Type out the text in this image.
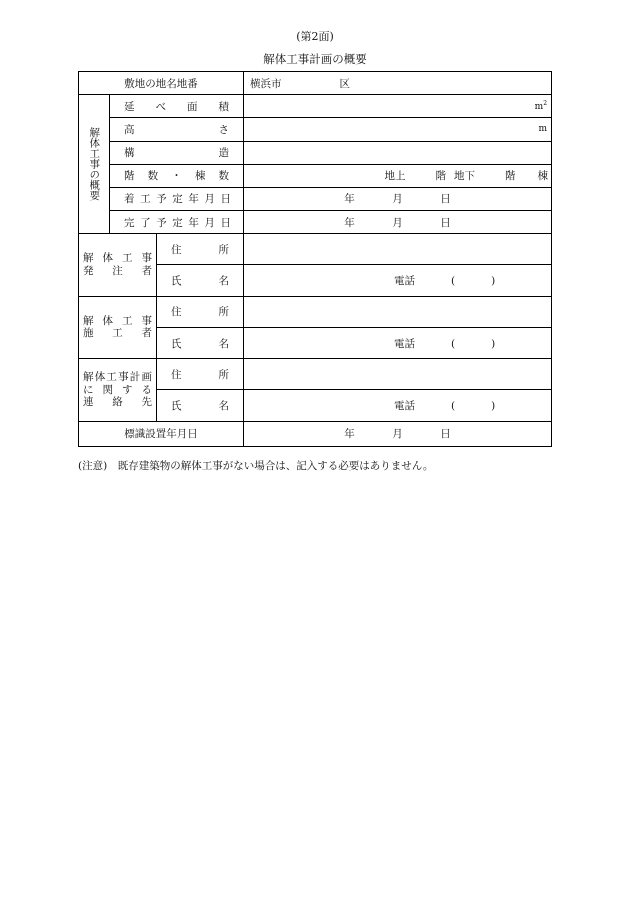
(第2面)
解体工事計画の概要
敷地の地名地番			横浜市 区

解体工事の概要	延べ面積		$m^2$

	高さ		m

	構造		
	階数・棟数		地上 階 地下 階 棟
	着工予定年月日		年 月 日
	完了予定年月日		年 月 日

解体工事
発注者		住所	
		氏名	電話 ( )

解体工事
施工者		住所	
		氏名	電話 ( )

解体工事計画
に関する
連絡先		住所	
		氏名	電話 ( )
標識設置年月日			年 月 日
(注意)　既存建築物の解体工事がない場合は、記入する必要はありません。
